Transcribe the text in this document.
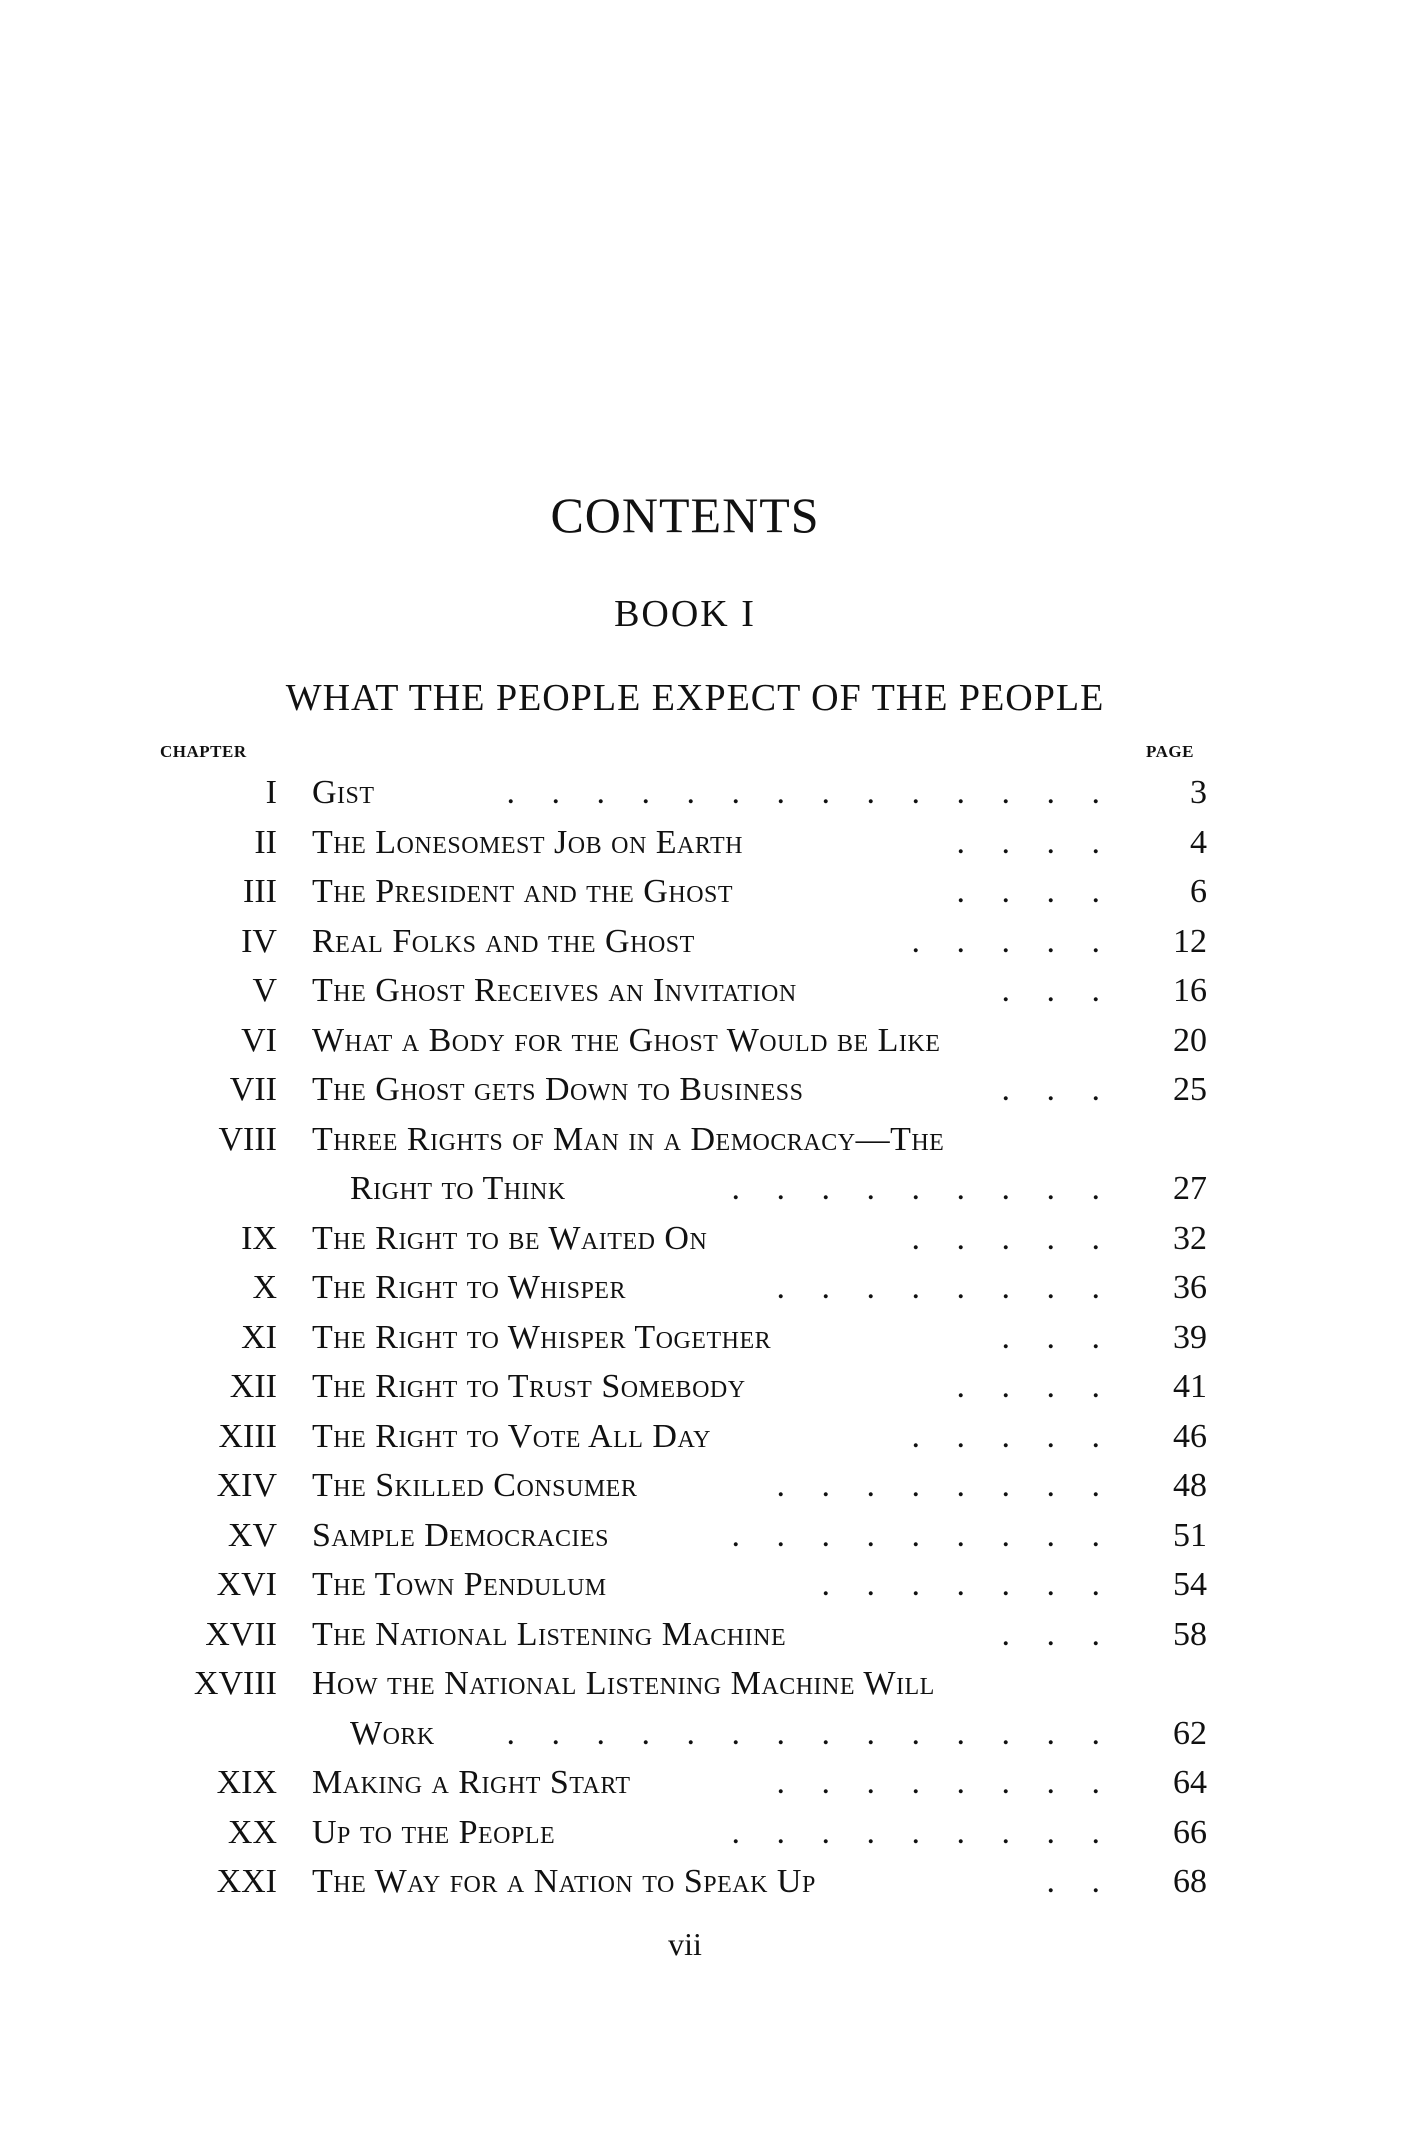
CONTENTS
BOOK I
WHAT THE PEOPLE EXPECT OF THE PEOPLE
CHAPTER	PAGE
I Gist	. . . . . . . . . . . . . . 3
II The Lonesomest Job on Earth	. . . . 4
III The President and the Ghost	. . . . 6
IV Real Folks and the Ghost	. . . . . 12
V The Ghost Receives an Invitation	. . . 16
VI What a Body for the Ghost Would be Like	20
VII The Ghost gets Down to Business	. . . 25
VIII Three Rights of Man in a Democracy—The
Right to Think	. . . . . . . . . 27
IX The Right to be Waited On	. . . . . 32
X The Right to Whisper	. . . . . . . . 36
XI The Right to Whisper Together	. . . 39
XII The Right to Trust Somebody	. . . . 41
XIII The Right to Vote All Day	. . . . . 46
XIV The Skilled Consumer	. . . . . . . . 48
XV Sample Democracies	. . . . . . . . . 51
XVI The Town Pendulum	. . . . . . . 54
XVII The National Listening Machine	. . . 58
XVIII How the National Listening Machine Will
Work . . . . . . . . . . . . . . 62
XIX Making a Right Start	. . . . . . . . 64
XX Up to the People	. . . . . . . . . 66
XXI The Way for a Nation to Speak Up	. . 68
vii
